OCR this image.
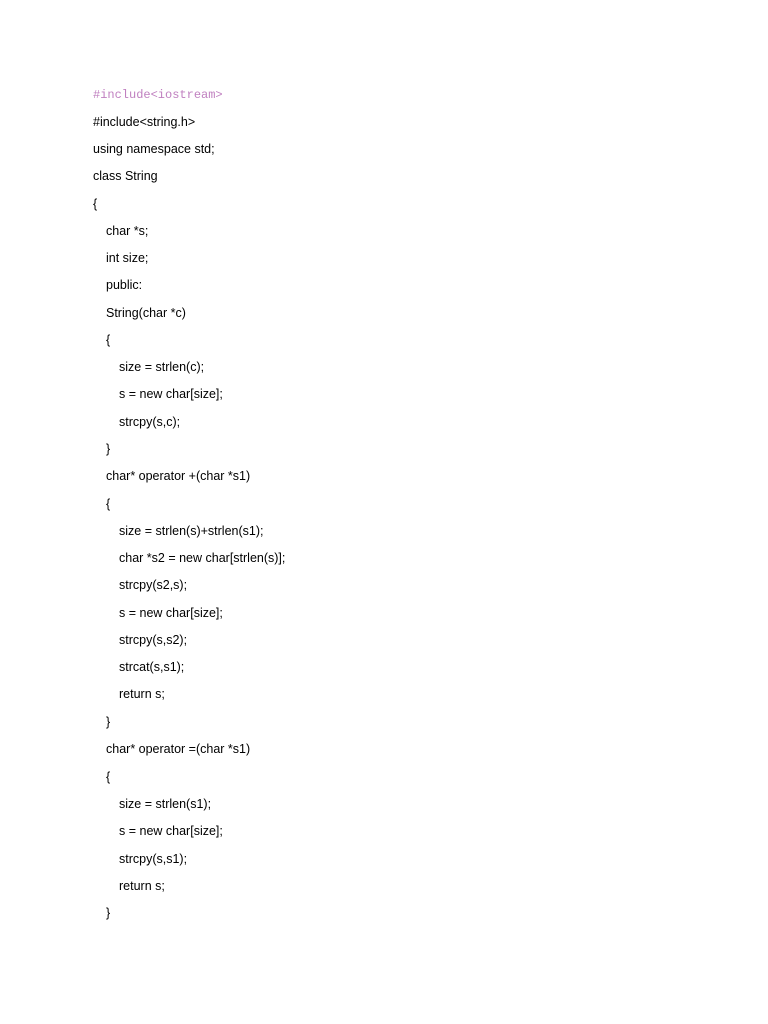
#include<iostream>
#include<string.h>
using namespace std;
class String
{
char *s;
int size;
public:
String(char *c)
{
size = strlen(c);
s = new char[size];
strcpy(s,c);
}
char* operator +(char *s1)
{
size = strlen(s)+strlen(s1);
char *s2 = new char[strlen(s)];
strcpy(s2,s);
s = new char[size];
strcpy(s,s2);
strcat(s,s1);
return s;
}
char* operator =(char *s1)
{
size = strlen(s1);
s = new char[size];
strcpy(s,s1);
return s;
}
